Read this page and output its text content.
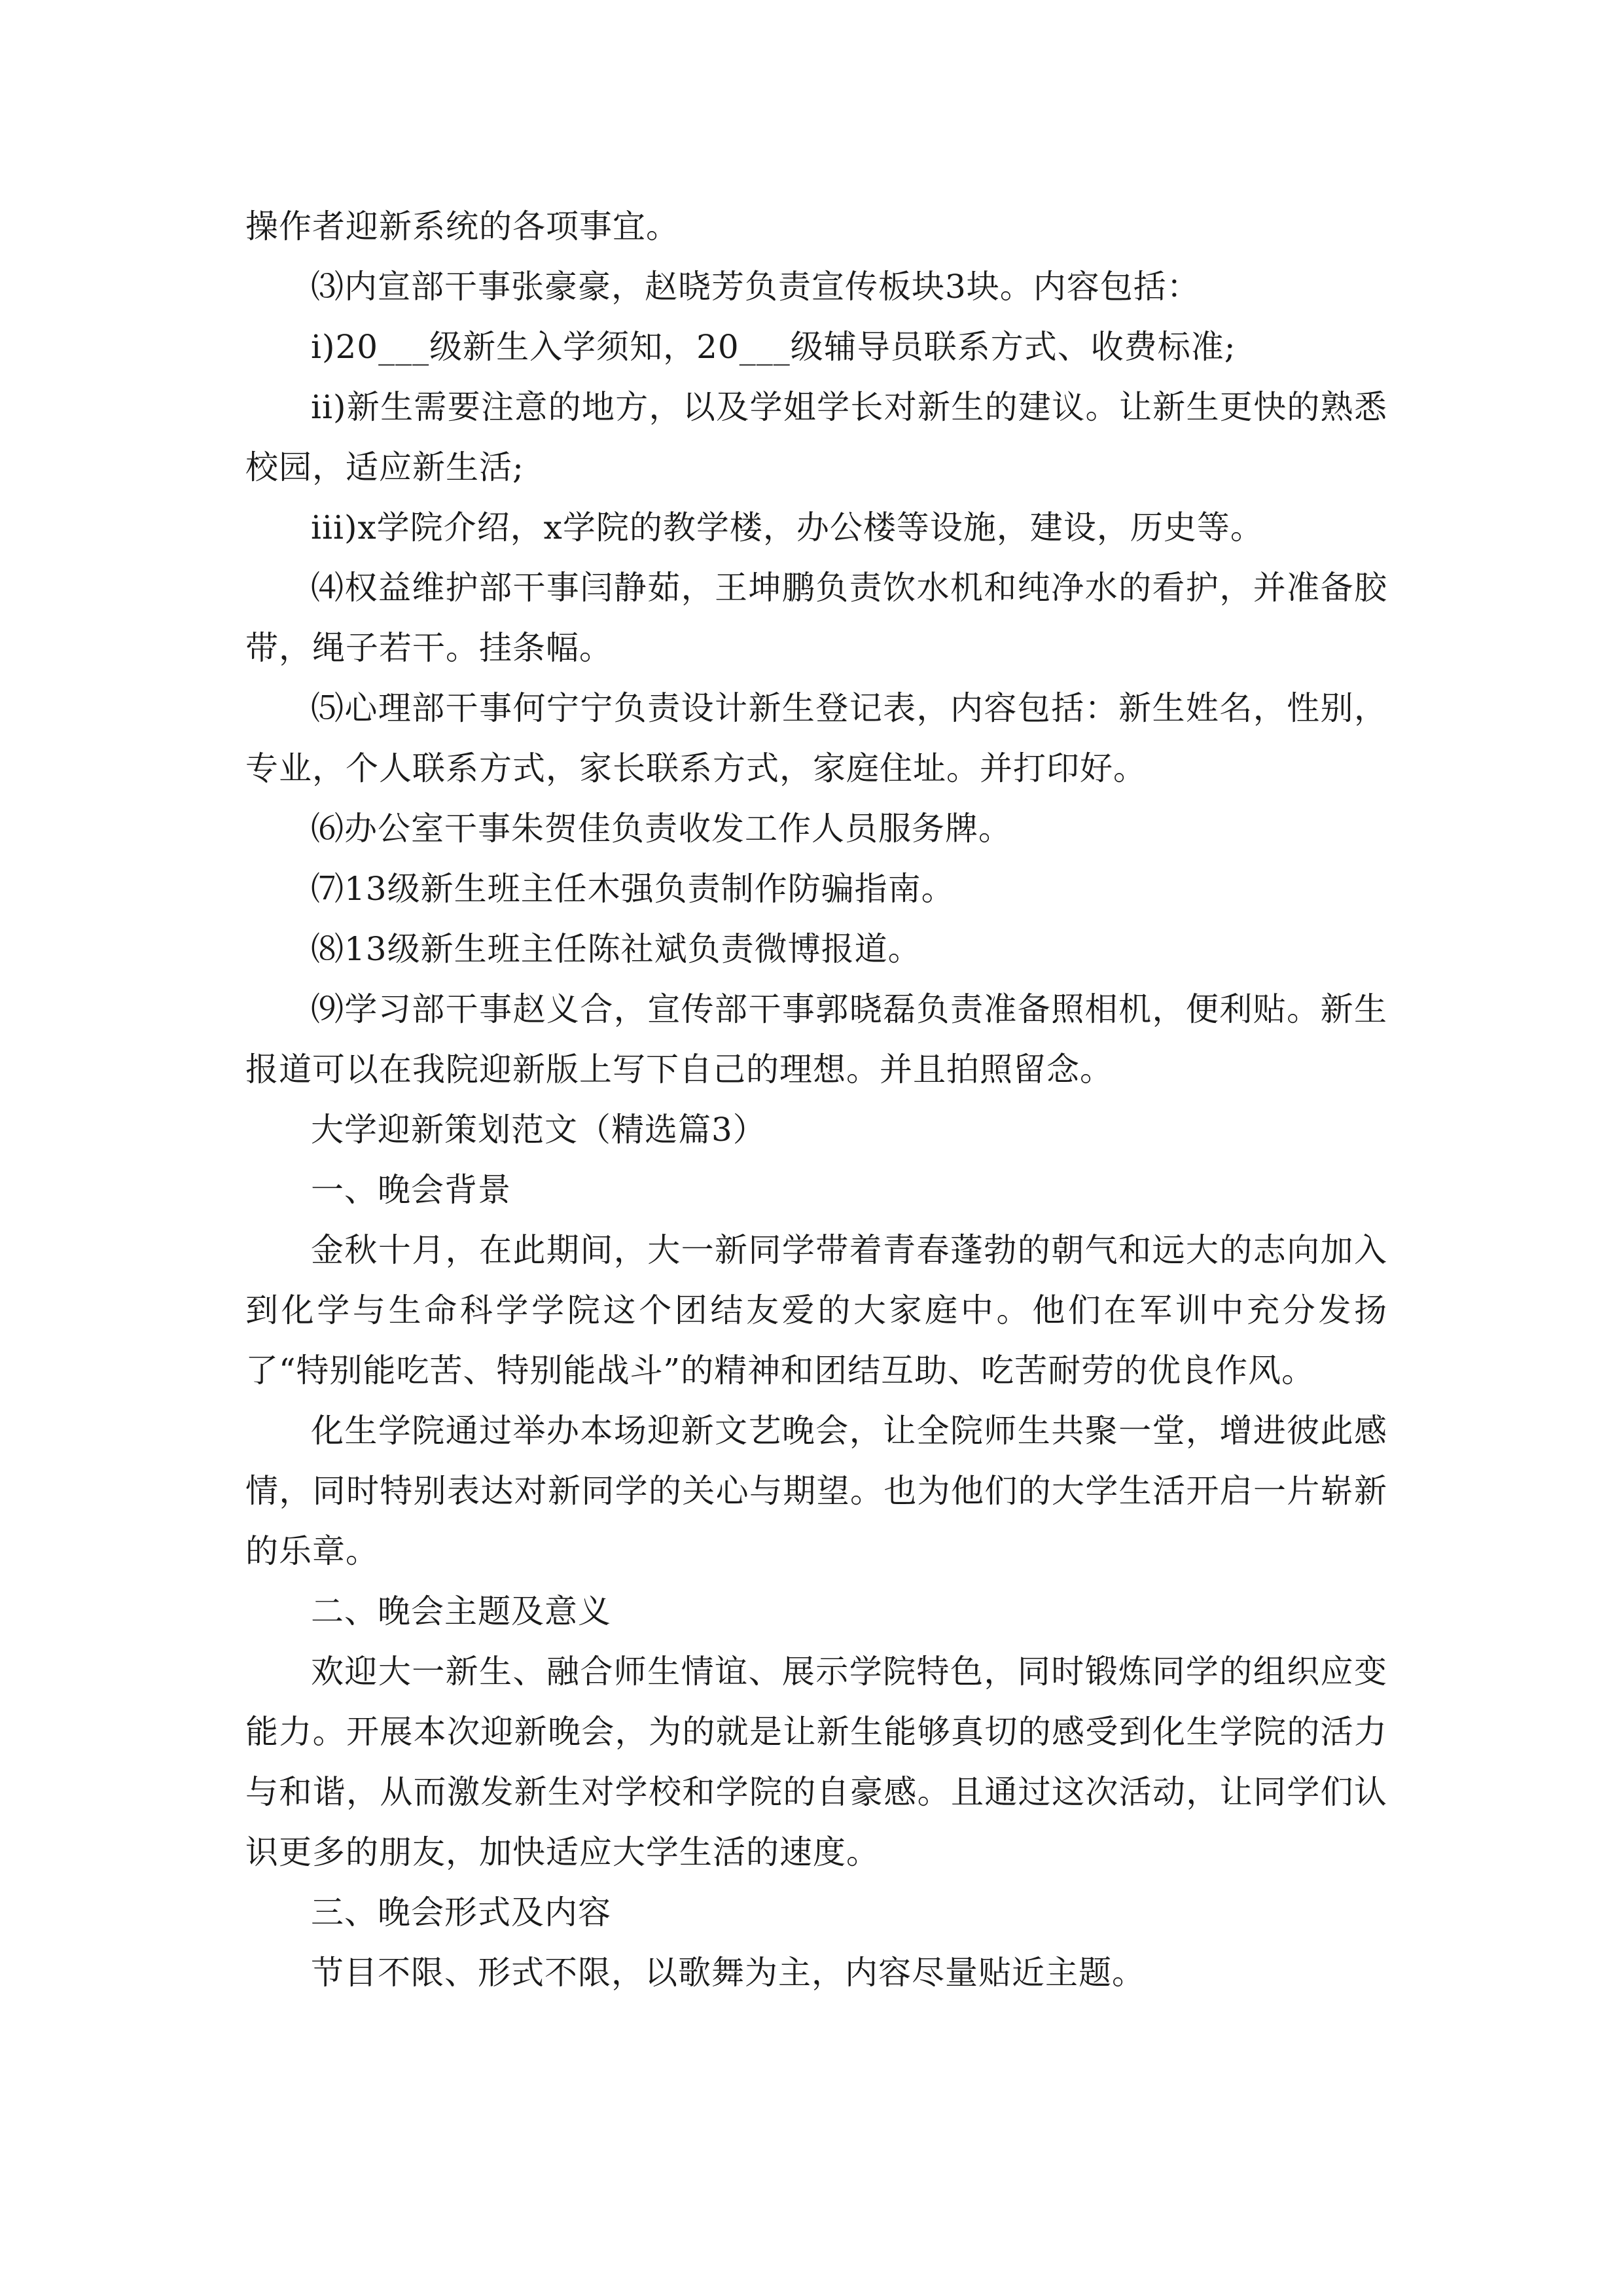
操作者迎新系统的各项事宜。

⑶内宣部干事张豪豪，赵晓芳负责宣传板块3块。内容包括：

i)20___级新生入学须知，20___级辅导员联系方式、收费标准;

ii)新生需要注意的地方，以及学姐学长对新生的建议。让新生更快的熟悉校园，适应新生活;

iii)x学院介绍，x学院的教学楼，办公楼等设施，建设，历史等。

⑷权益维护部干事闫静茹，王坤鹏负责饮水机和纯净水的看护，并准备胶带，绳子若干。挂条幅。

⑸心理部干事何宁宁负责设计新生登记表，内容包括：新生姓名，性别，专业，个人联系方式，家长联系方式，家庭住址。并打印好。

⑹办公室干事朱贺佳负责收发工作人员服务牌。

⑺13级新生班主任木强负责制作防骗指南。

⑻13级新生班主任陈社斌负责微博报道。

⑼学习部干事赵义合，宣传部干事郭晓磊负责准备照相机，便利贴。新生报道可以在我院迎新版上写下自己的理想。并且拍照留念。

大学迎新策划范文（精选篇3）

一、晚会背景

金秋十月，在此期间，大一新同学带着青春蓬勃的朝气和远大的志向加入到化学与生命科学学院这个团结友爱的大家庭中。他们在军训中充分发扬了“特别能吃苦、特别能战斗”的精神和团结互助、吃苦耐劳的优良作风。

化生学院通过举办本场迎新文艺晚会，让全院师生共聚一堂，增进彼此感情，同时特别表达对新同学的关心与期望。也为他们的大学生活开启一片崭新的乐章。

二、晚会主题及意义

欢迎大一新生、融合师生情谊、展示学院特色，同时锻炼同学的组织应变能力。开展本次迎新晚会，为的就是让新生能够真切的感受到化生学院的活力与和谐，从而激发新生对学校和学院的自豪感。且通过这次活动，让同学们认识更多的朋友，加快适应大学生活的速度。

三、晚会形式及内容

节目不限、形式不限，以歌舞为主，内容尽量贴近主题。
